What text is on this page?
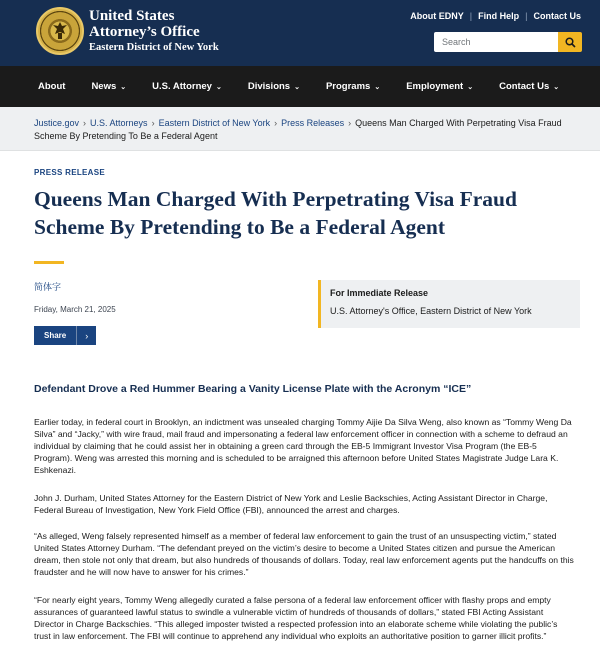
United States
Attorney’s Office
Eastern District of New York
About EDNY | Find Help | Contact Us
Search
About	News ⌄	U.S. Attorney ⌄	Divisions ⌄	Programs ⌄	Employment ⌄	Contact Us ⌄
Justice.gov › U.S. Attorneys › Eastern District of New York › Press Releases › Queens Man Charged With Perpetrating Visa Fraud Scheme By Pretending To Be a Federal Agent
PRESS RELEASE
Queens Man Charged With Perpetrating Visa Fraud Scheme By Pretending to Be a Federal Agent
简体字
Friday, March 21, 2025
Share	›
For Immediate Release
U.S. Attorney's Office, Eastern District of New York
Defendant Drove a Red Hummer Bearing a Vanity License Plate with the Acronym “ICE”

Earlier today, in federal court in Brooklyn, an indictment was unsealed charging Tommy Aijie Da Silva Weng, also known as “Tommy Weng Da Silva” and “Jacky,” with wire fraud, mail fraud and impersonating a federal law enforcement officer in connection with a scheme to defraud an individual by claiming that he could assist her in obtaining a green card through the EB-5 Immigrant Investor Visa Program (the EB-5 Program). Weng was arrested this morning and is scheduled to be arraigned this afternoon before United States Magistrate Judge Lara K. Eshkenazi.

John J. Durham, United States Attorney for the Eastern District of New York and Leslie Backschies, Acting Assistant Director in Charge, Federal Bureau of Investigation, New York Field Office (FBI), announced the arrest and charges.

“As alleged, Weng falsely represented himself as a member of federal law enforcement to gain the trust of an unsuspecting victim,” stated United States Attorney Durham. “The defendant preyed on the victim’s desire to become a United States citizen and pursue the American dream, then stole not only that dream, but also hundreds of thousands of dollars. Today, real law enforcement agents put the handcuffs on this fraudster and he will now have to answer for his crimes.”

“For nearly eight years, Tommy Weng allegedly curated a false persona of a federal law enforcement officer with flashy props and empty assurances of guaranteed lawful status to swindle a vulnerable victim of hundreds of thousands of dollars,” stated FBI Acting Assistant Director in Charge Backschies. “This alleged imposter twisted a respected profession into an elaborate scheme while violating the public’s trust in law enforcement. The FBI will continue to apprehend any individual who exploits an authoritative position to garner illicit profits.”
